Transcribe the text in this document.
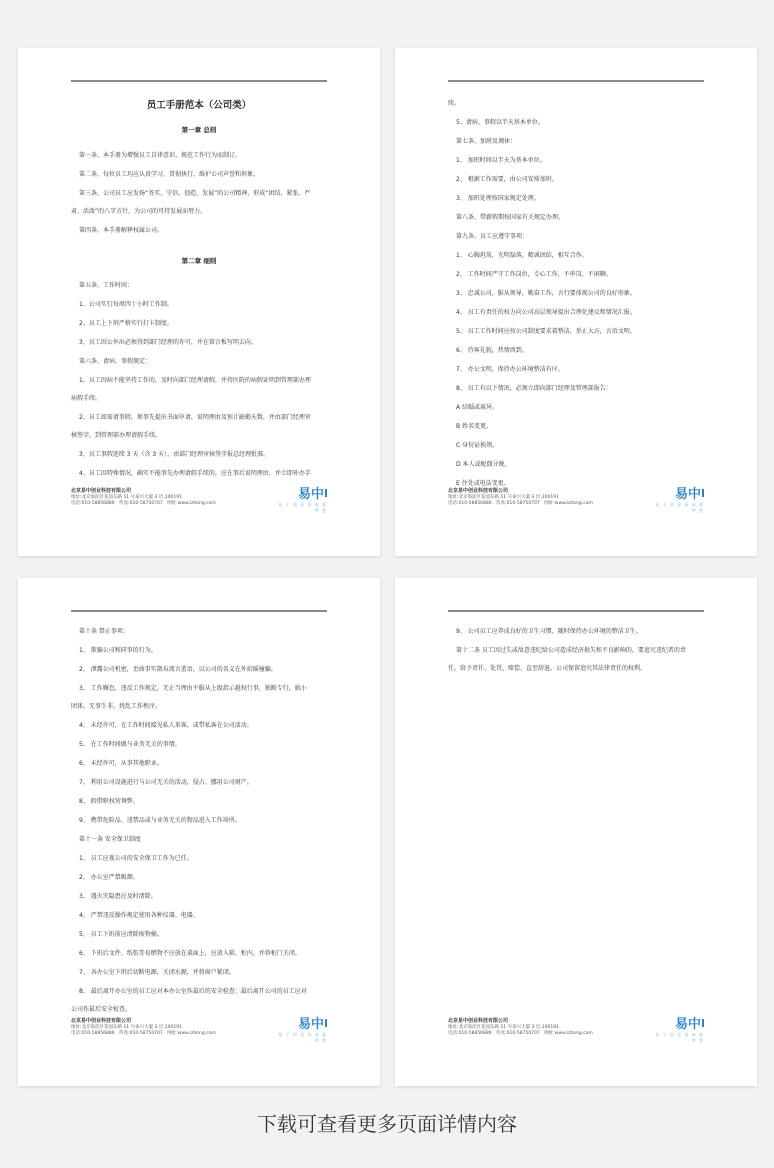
员工手册范本（公司类）
第一章 总则
第一条、本手册为增强员工自律意识、规范工作行为而制订。
第二条、每位员工均应认真学习、贯彻执行，维护公司声誉和形象。
第三条、公司员工应发扬“务实、守信、创造、发展”的公司精神，形成“团结、紧张、严
肃、活泼”的八字方针，为公司的可持发展而努力。
第四条、本手册解释权属公司。
第二章 细则
第五条、工作时间：
1、公司实行每周四十小时工作制。
2、员工上下班严格实行打卡制度。
3、员工因公外出必须得到部门经理的许可，并在留言板写明去向。
第六条、请病、事假规定：
1、员工因病不能坚持工作的，及时向部门经理请假，并持医院的病假证明到管理部办理
病假手续。
2、员工如需请事假，须事先提出书面申请，说明理由及预计缺勤天数，并由部门经理审
核签字，到管理部办理请假手续。
3、员工事假连续 3 天（含 3 天），由部门经理审核签字报总经理批准。
4、员工因特殊情况，确实不能事先办理请假手续的，应在事后说明理由，并立即补办手
北京易中创业科技有限公司
地址:北京海淀区花园东路 11 号泰兴大厦 3 层,100191
电话:010-58856886　传真:010-58750707　网址:www.izhong.com
易中
易 于 创 意 易 成 就 梦 想
续。
5、请病、事假以半天基本单位。
第七条、加班及调休：
1、 加班时间以半天为基本单位。
2、 根据工作需要，由公司安排加班。
3、 加班处理按国家规定处理。
第八条、带薪假期按国家有关规定办理。
第九条、员工应遵守事项：
1、 心胸坦荡，光明磊落，精诚团结，相互合作。
2、 工作时间严守工作岗位，专心工作，不串岗，不闲聊。
3、 忠诚公司，服从领导，勤奋工作，言行要体现公司的良好形象。
4、 员工有责任的权力向公司高层领导提出合理化建议和情况汇报。
5、 员工工作时间应按公司制度要求着整洁，举止大方，言语文明。
6、 待客礼貌，热情周到。
7、 办公文明，保持办公环境整洁有序。
8、 员工有以下情况，必须立即向部门经理及管理部报告：
A 结婚或离异。
B 姓名变更。
C 身份证换领。
D 本人或配偶分娩。
E 住处或电话变更。
北京易中创业科技有限公司
地址:北京海淀区花园东路 11 号泰兴大厦 3 层,100191
电话:010-58856886　传真:010-58750707　网址:www.izhong.com
易中
易 于 创 意 易 成 就 梦 想
第十条 禁止事项：
1、 欺骗公司和同事的行为。
2、 泄露公司机密，歪曲事实散布流言蜚语，以公司的名义在外招摇撞骗。
3、 工作懈怠，违反工作规定，无正当理由不服从上级指示越权行事，独断专行，搞小
团体，无事生非，扰乱工作秩序。
4、 未经许可，在工作时间接见私人来客，或带私客在公司活动。
5、 在工作时间做与业务无关的事情。
6、 未经许可，从事其他职业。
7、 利用公司设施进行与公司无关的活动，侵占、挪用公司财产。
8、 假借职权营舞弊。
9、 携带危险品、违禁品或与业务无关的物品进入工作场所。
第十一条 安全保卫制度
1、 员工应视公司的安全保卫工作为已任。
2、 办公室严禁吸烟。
3、 遇火灾隐患应及时清除。
4、 严禁违反操作规定使用各种仪器、电器。
5、 员工下班前应清除废物桶。
6、 下班后文件、纸张等易燃物不应放在桌面上，应放入箱、柜内，并将柜门关闭。
7、 各办公室下班后切断电源，关闭水源，并将窗户紧闭。
8、 最后离开办公室的员工应对本办公室作最后的安全检查；最后离开公司的员工应对
公司作最后安全检查。
北京易中创业科技有限公司
地址:北京海淀区花园东路 11 号泰兴大厦 3 层,100191
电话:010-58856886　传真:010-58750707　网址:www.izhong.com
易中
易 于 创 意 易 成 就 梦 想
9、 公司员工应养成良好的卫生习惯，随时保持办公环境的整洁卫生。
第十二条 员工因过失或故意违纪给公司造成经济损失和不良影响的，要追究违纪者的责
任，给予责任、处罚、赔偿、直至辞退，公司保留追究其法律责任的权利。
北京易中创业科技有限公司
地址:北京海淀区花园东路 11 号泰兴大厦 3 层,100191
电话:010-58856886　传真:010-58750707　网址:www.izhong.com
易中
易 于 创 意 易 成 就 梦 想
下载可查看更多页面详情内容
